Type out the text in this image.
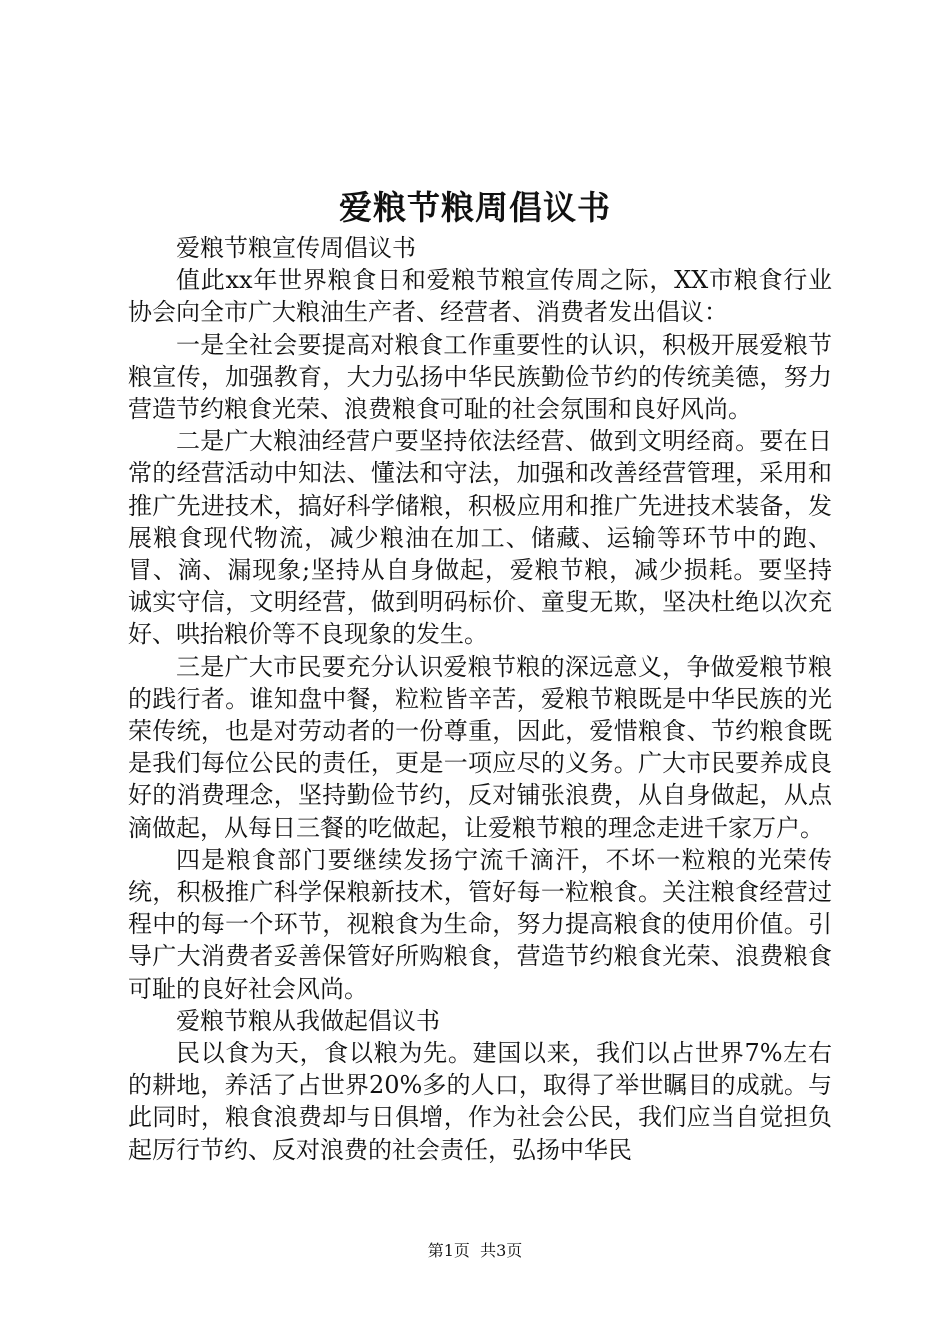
爱粮节粮周倡议书

爱粮节粮宣传周倡议书

值此xx年世界粮食日和爱粮节粮宣传周之际，XX市粮食行业协会向全市广大粮油生产者、经营者、消费者发出倡议：

一是全社会要提高对粮食工作重要性的认识，积极开展爱粮节粮宣传，加强教育，大力弘扬中华民族勤俭节约的传统美德，努力营造节约粮食光荣、浪费粮食可耻的社会氛围和良好风尚。

二是广大粮油经营户要坚持依法经营、做到文明经商。要在日常的经营活动中知法、懂法和守法，加强和改善经营管理，采用和推广先进技术，搞好科学储粮，积极应用和推广先进技术装备，发展粮食现代物流，减少粮油在加工、储藏、运输等环节中的跑、冒、滴、漏现象;坚持从自身做起，爱粮节粮，减少损耗。要坚持诚实守信，文明经营，做到明码标价、童叟无欺，坚决杜绝以次充好、哄抬粮价等不良现象的发生。

三是广大市民要充分认识爱粮节粮的深远意义，争做爱粮节粮的践行者。谁知盘中餐，粒粒皆辛苦，爱粮节粮既是中华民族的光荣传统，也是对劳动者的一份尊重，因此，爱惜粮食、节约粮食既是我们每位公民的责任，更是一项应尽的义务。广大市民要养成良好的消费理念，坚持勤俭节约，反对铺张浪费，从自身做起，从点滴做起，从每日三餐的吃做起，让爱粮节粮的理念走进千家万户。

四是粮食部门要继续发扬宁流千滴汗，不坏一粒粮的光荣传统，积极推广科学保粮新技术，管好每一粒粮食。关注粮食经营过程中的每一个环节，视粮食为生命，努力提高粮食的使用价值。引导广大消费者妥善保管好所购粮食，营造节约粮食光荣、浪费粮食可耻的良好社会风尚。

爱粮节粮从我做起倡议书

民以食为天，食以粮为先。建国以来，我们以占世界7%左右的耕地，养活了占世界20%多的人口，取得了举世瞩目的成就。与此同时，粮食浪费却与日俱增，作为社会公民，我们应当自觉担负起厉行节约、反对浪费的社会责任，弘扬中华民

第1页  共3页
